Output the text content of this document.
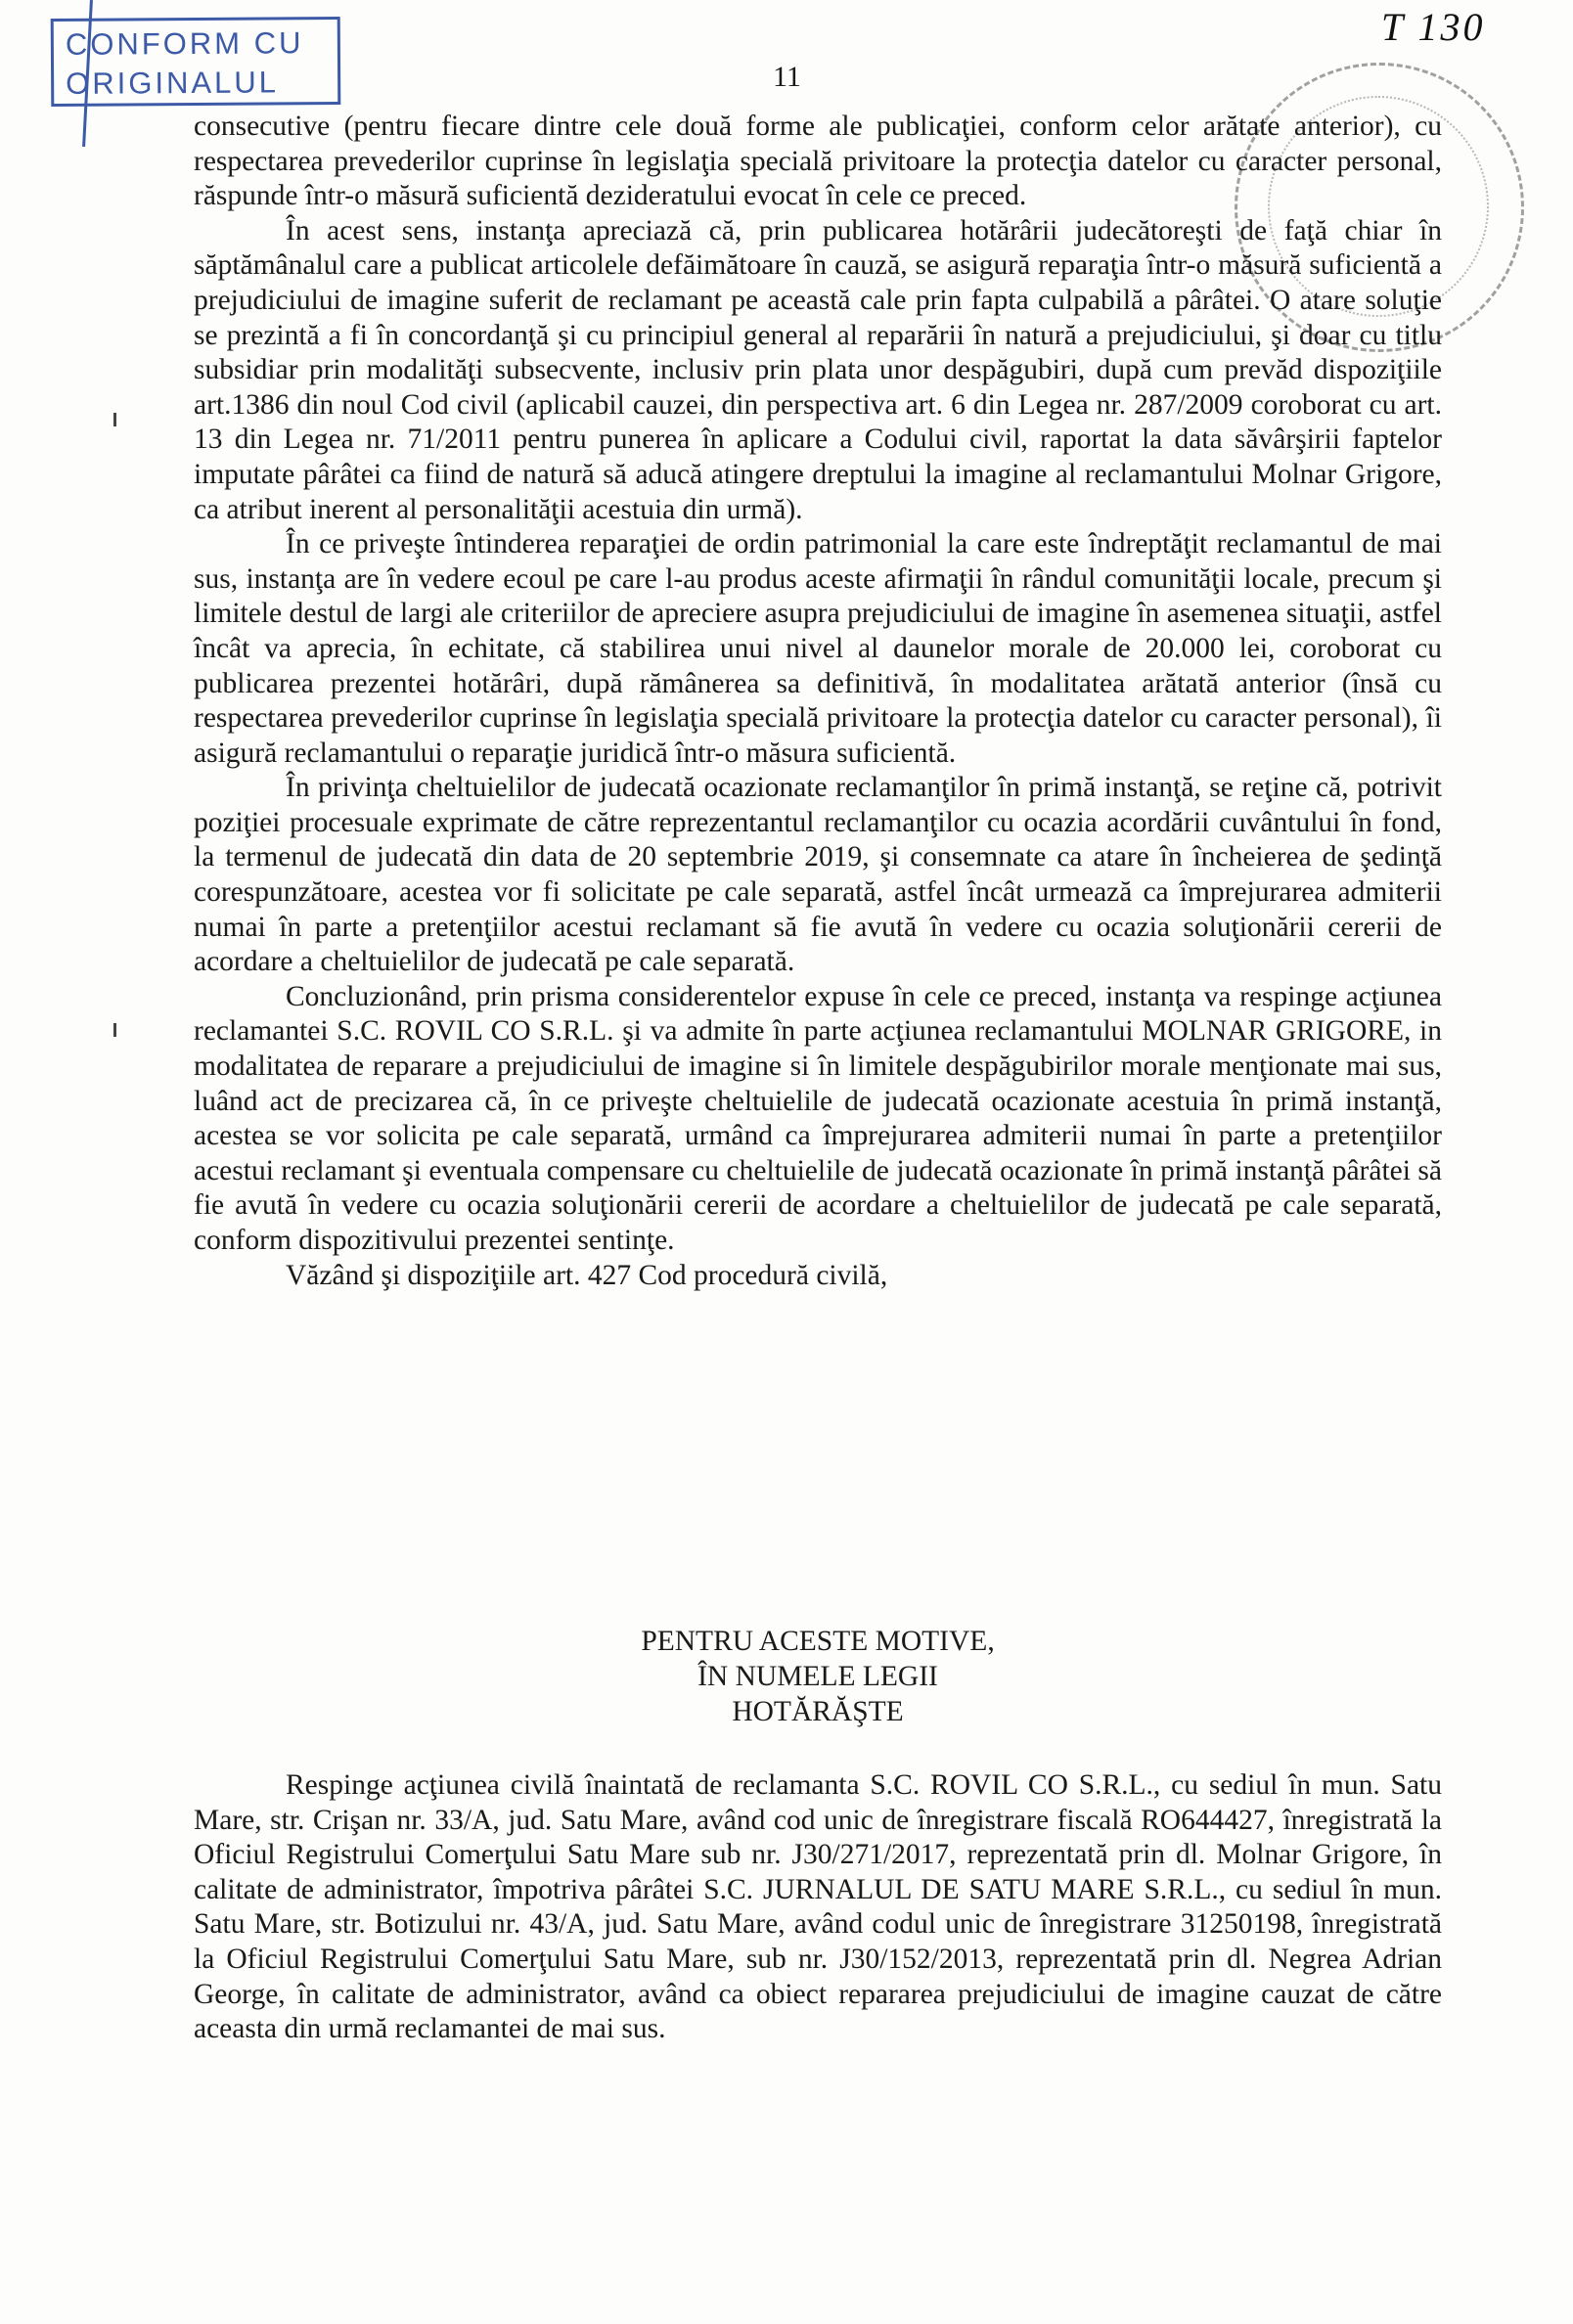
CONFORM CU
ORIGINALUL	11
T 130

consecutive (pentru fiecare dintre cele două forme ale publicaţiei, conform celor arătate anterior), cu respectarea prevederilor cuprinse în legislaţia specială privitoare la protecţia datelor cu caracter personal, răspunde într-o măsură suficientă dezideratului evocat în cele ce preced.

În acest sens, instanţa apreciază că, prin publicarea hotărârii judecătoreşti de faţă chiar în săptămânalul care a publicat articolele defăimătoare în cauză, se asigură reparaţia într-o măsură suficientă a prejudiciului de imagine suferit de reclamant pe această cale prin fapta culpabilă a pârâtei. O atare soluţie se prezintă a fi în concordanţă şi cu principiul general al reparării în natură a prejudiciului, şi doar cu titlu subsidiar prin modalităţi subsecvente, inclusiv prin plata unor despăgubiri, după cum prevăd dispoziţiile art.1386 din noul Cod civil (aplicabil cauzei, din perspectiva art. 6 din Legea nr. 287/2009 coroborat cu art. 13 din Legea nr. 71/2011 pentru punerea în aplicare a Codului civil, raportat la data săvârşirii faptelor imputate pârâtei ca fiind de natură să aducă atingere dreptului la imagine al reclamantului Molnar Grigore, ca atribut inerent al personalităţii acestuia din urmă).

În ce priveşte întinderea reparaţiei de ordin patrimonial la care este îndreptăţit reclamantul de mai sus, instanţa are în vedere ecoul pe care l-au produs aceste afirmaţii în rândul comunităţii locale, precum şi limitele destul de largi ale criteriilor de apreciere asupra prejudiciului de imagine în asemenea situaţii, astfel încât va aprecia, în echitate, că stabilirea unui nivel al daunelor morale de 20.000 lei, coroborat cu publicarea prezentei hotărâri, după rămânerea sa definitivă, în modalitatea arătată anterior (însă cu respectarea prevederilor cuprinse în legislaţia specială privitoare la protecţia datelor cu caracter personal), îi asigură reclamantului o reparaţie juridică într-o măsura suficientă.

În privinţa cheltuielilor de judecată ocazionate reclamanţilor în primă instanţă, se reţine că, potrivit poziţiei procesuale exprimate de către reprezentantul reclamanţilor cu ocazia acordării cuvântului în fond, la termenul de judecată din data de 20 septembrie 2019, şi consemnate ca atare în încheierea de şedinţă corespunzătoare, acestea vor fi solicitate pe cale separată, astfel încât urmează ca împrejurarea admiterii numai în parte a pretenţiilor acestui reclamant să fie avută în vedere cu ocazia soluţionării cererii de acordare a cheltuielilor de judecată pe cale separată.

Concluzionând, prin prisma considerentelor expuse în cele ce preced, instanţa va respinge acţiunea reclamantei S.C. ROVIL CO S.R.L. şi va admite în parte acţiunea reclamantului MOLNAR GRIGORE, in modalitatea de reparare a prejudiciului de imagine si în limitele despăgubirilor morale menţionate mai sus, luând act de precizarea că, în ce priveşte cheltuielile de judecată ocazionate acestuia în primă instanţă, acestea se vor solicita pe cale separată, urmând ca împrejurarea admiterii numai în parte a pretenţiilor acestui reclamant şi eventuala compensare cu cheltuielile de judecată ocazionate în primă instanţă pârâtei să fie avută în vedere cu ocazia soluţionării cererii de acordare a cheltuielilor de judecată pe cale separată, conform dispozitivului prezentei sentinţe.

Văzând şi dispoziţiile art. 427 Cod procedură civilă,

PENTRU ACESTE MOTIVE,
ÎN NUMELE LEGII
HOTĂRĂŞTE

Respinge acţiunea civilă înaintată de reclamanta S.C. ROVIL CO S.R.L., cu sediul în mun. Satu Mare, str. Crişan nr. 33/A, jud. Satu Mare, având cod unic de înregistrare fiscală RO644427, înregistrată la Oficiul Registrului Comerţului Satu Mare sub nr. J30/271/2017, reprezentată prin dl. Molnar Grigore, în calitate de administrator, împotriva pârâtei S.C. JURNALUL DE SATU MARE S.R.L., cu sediul în mun. Satu Mare, str. Botizului nr. 43/A, jud. Satu Mare, având codul unic de înregistrare 31250198, înregistrată la Oficiul Registrului Comerţului Satu Mare, sub nr. J30/152/2013, reprezentată prin dl. Negrea Adrian George, în calitate de administrator, având ca obiect repararea prejudiciului de imagine cauzat de către aceasta din urmă reclamantei de mai sus.
